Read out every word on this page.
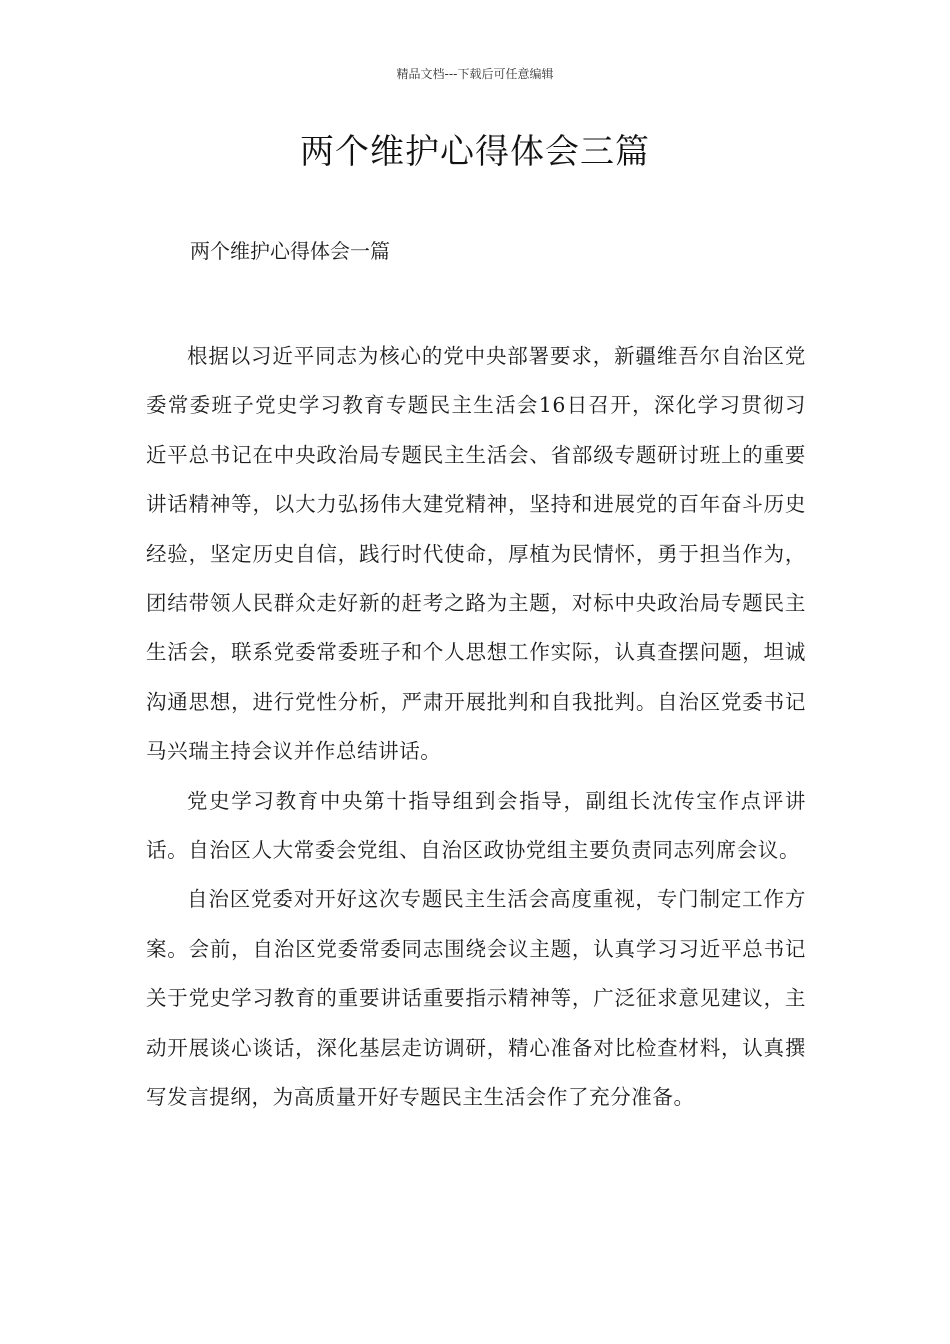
精品文档---下载后可任意编辑
两个维护心得体会三篇
两个维护心得体会一篇

根据以习近平同志为核心的党中央部署要求，新疆维吾尔自治区党委常委班子党史学习教育专题民主生活会16日召开，深化学习贯彻习近平总书记在中央政治局专题民主生活会、省部级专题研讨班上的重要讲话精神等，以大力弘扬伟大建党精神，坚持和进展党的百年奋斗历史经验，坚定历史自信，践行时代使命，厚植为民情怀，勇于担当作为，团结带领人民群众走好新的赶考之路为主题，对标中央政治局专题民主生活会，联系党委常委班子和个人思想工作实际，认真查摆问题，坦诚沟通思想，进行党性分析，严肃开展批判和自我批判。自治区党委书记马兴瑞主持会议并作总结讲话。

党史学习教育中央第十指导组到会指导，副组长沈传宝作点评讲话。自治区人大常委会党组、自治区政协党组主要负责同志列席会议。

自治区党委对开好这次专题民主生活会高度重视，专门制定工作方案。会前，自治区党委常委同志围绕会议主题，认真学习习近平总书记关于党史学习教育的重要讲话重要指示精神等，广泛征求意见建议，主动开展谈心谈话，深化基层走访调研，精心准备对比检查材料，认真撰写发言提纲，为高质量开好专题民主生活会作了充分准备。
